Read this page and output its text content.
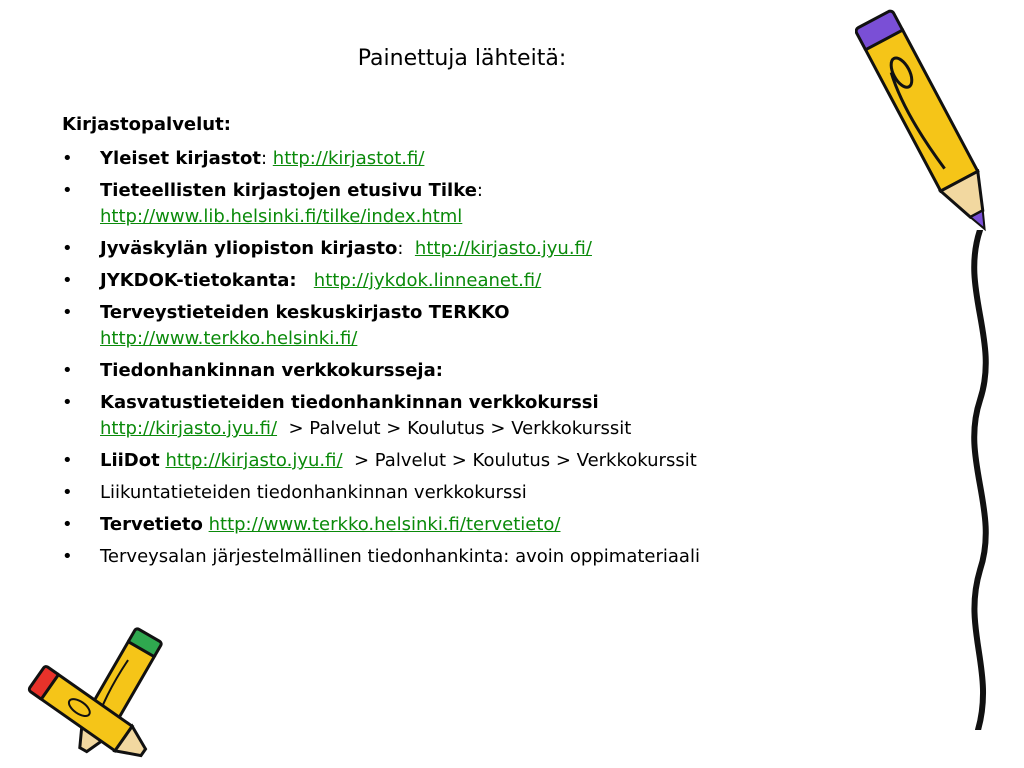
Painettuja lähteitä:
Kirjastopalvelut:
• Yleiset kirjastot: http://kirjastot.fi/
• Tieteellisten kirjastojen etusivu Tilke:
http://www.lib.helsinki.fi/tilke/index.html
• Jyväskylän yliopiston kirjasto:  http://kirjasto.jyu.fi/
• JYKDOK-tietokanta: http://jykdok.linneanet.fi/
• Terveystieteiden keskuskirjasto TERKKO
http://www.terkko.helsinki.fi/
• Tiedonhankinnan verkkokursseja:
• Kasvatustieteiden tiedonhankinnan verkkokurssi
http://kirjasto.jyu.fi/  > Palvelut > Koulutus > Verkkokurssit
• LiiDot http://kirjasto.jyu.fi/  > Palvelut > Koulutus > Verkkokurssit
• Liikuntatieteiden tiedonhankinnan verkkokurssi
• Tervetieto http://www.terkko.helsinki.fi/tervetieto/
• Terveysalan järjestelmällinen tiedonhankinta: avoin oppimateriaali
